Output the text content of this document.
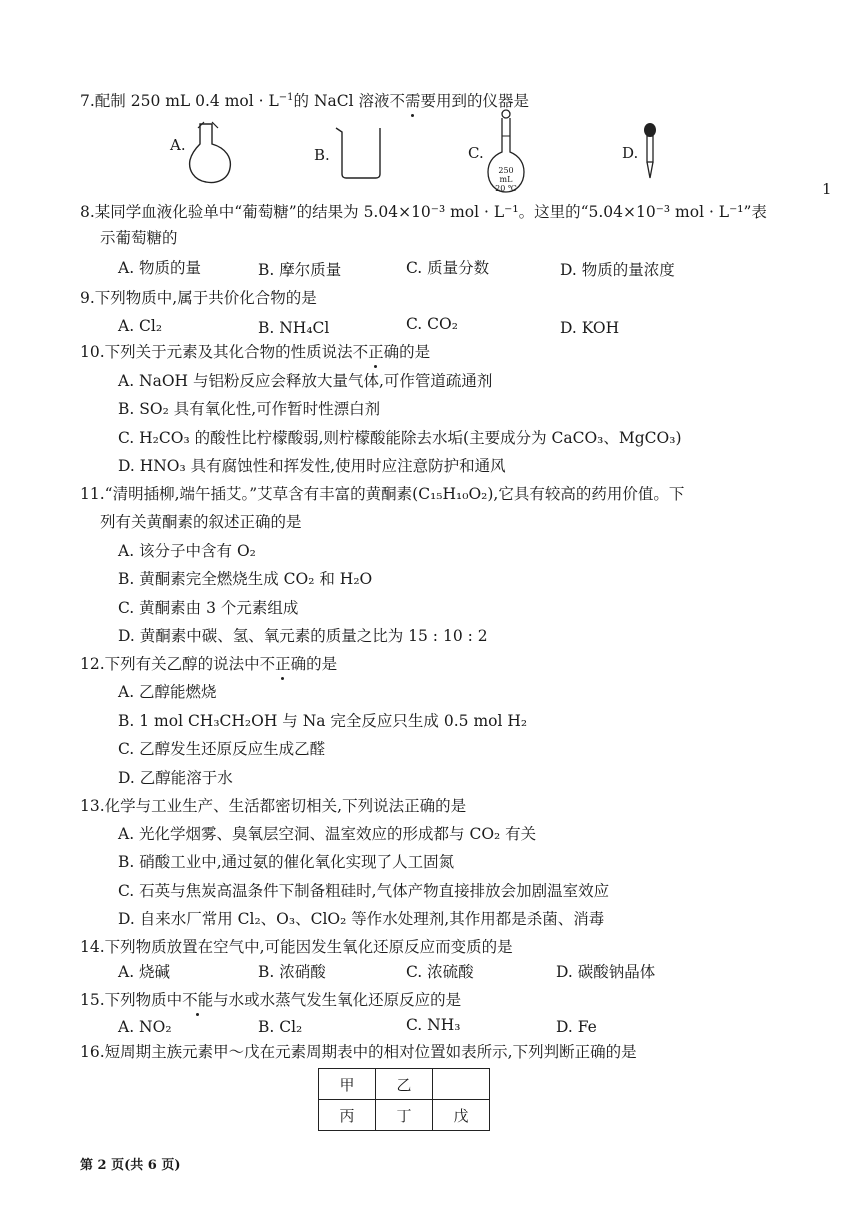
7.配制 250 mL 0.4 mol · $L^{-1}$的 NaCl 溶液不需要用到的仪器是
A.
B.	C.
250 mL
20 ℃
D.
1
8.某同学血液化验单中“葡萄糖”的结果为 5.04×10⁻³ mol · L⁻¹。这里的“5.04×10⁻³ mol · L⁻¹”表
示葡萄糖的
A. 物质的量	B. 摩尔质量	C. 质量分数	D. 物质的量浓度
9.下列物质中,属于共价化合物的是
A. Cl₂	B. NH₄Cl	C. CO₂	D. KOH
10.下列关于元素及其化合物的性质说法不正确的是
A. NaOH 与铝粉反应会释放大量气体,可作管道疏通剂
B. SO₂ 具有氧化性,可作暂时性漂白剂
C. H₂CO₃ 的酸性比柠檬酸弱,则柠檬酸能除去水垢(主要成分为 CaCO₃、MgCO₃)
D. HNO₃ 具有腐蚀性和挥发性,使用时应注意防护和通风
11.“清明插柳,端午插艾。”艾草含有丰富的黄酮素(C₁₅H₁₀O₂),它具有较高的药用价值。下
列有关黄酮素的叙述正确的是
A. 该分子中含有 O₂
B. 黄酮素完全燃烧生成 CO₂ 和 H₂O
C. 黄酮素由 3 个元素组成
D. 黄酮素中碳、氢、氧元素的质量之比为 15 : 10 : 2
12.下列有关乙醇的说法中不正确的是
A. 乙醇能燃烧
B. 1 mol CH₃CH₂OH 与 Na 完全反应只生成 0.5 mol H₂
C. 乙醇发生还原反应生成乙醛
D. 乙醇能溶于水
13.化学与工业生产、生活都密切相关,下列说法正确的是
A. 光化学烟雾、臭氧层空洞、温室效应的形成都与 CO₂ 有关
B. 硝酸工业中,通过氨的催化氧化实现了人工固氮
C. 石英与焦炭高温条件下制备粗硅时,气体产物直接排放会加剧温室效应
D. 自来水厂常用 Cl₂、O₃、ClO₂ 等作水处理剂,其作用都是杀菌、消毒
14.下列物质放置在空气中,可能因发生氧化还原反应而变质的是
A. 烧碱	B. 浓硝酸	C. 浓硫酸	D. 碳酸钠晶体
15.下列物质中不能与水或水蒸气发生氧化还原反应的是
A. NO₂	B. Cl₂	C. NH₃	D. Fe
16.短周期主族元素甲～戊在元素周期表中的相对位置如表所示,下列判断正确的是
甲	乙	
丙	丁	戊
第 2 页(共 6 页)
